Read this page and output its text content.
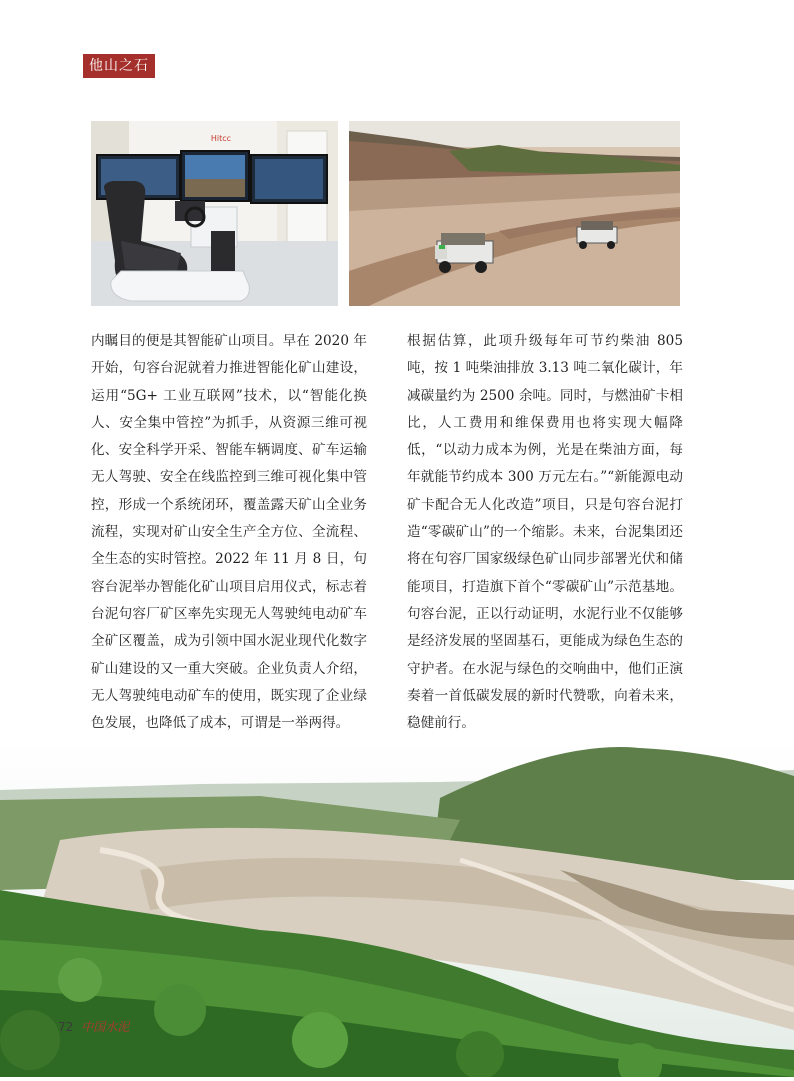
他山之石
Hitcc

内瞩目的便是其智能矿山项目。早在 2020 年开始，句容台泥就着力推进智能化矿山建设，运用“5G+ 工业互联网”技术，以“智能化换人、安全集中管控”为抓手，从资源三维可视化、安全科学开采、智能车辆调度、矿车运输无人驾驶、安全在线监控到三维可视化集中管控，形成一个系统闭环，覆盖露天矿山全业务流程，实现对矿山安全生产全方位、全流程、全生态的实时管控。2022 年 11 月 8 日，句容台泥举办智能化矿山项目启用仪式，标志着台泥句容厂矿区率先实现无人驾驶纯电动矿车全矿区覆盖，成为引领中国水泥业现代化数字矿山建设的又一重大突破。企业负责人介绍，无人驾驶纯电动矿车的使用，既实现了企业绿色发展，也降低了成本，可谓是一举两得。

根据估算，此项升级每年可节约柴油 805 吨，按 1 吨柴油排放 3.13 吨二氧化碳计，年减碳量约为 2500 余吨。同时，与燃油矿卡相比，人工费用和维保费用也将实现大幅降低，“以动力成本为例，光是在柴油方面，每年就能节约成本 300 万元左右。”“新能源电动矿卡配合无人化改造”项目，只是句容台泥打造“零碳矿山”的一个缩影。未来，台泥集团还将在句容厂国家级绿色矿山同步部署光伏和储能项目，打造旗下首个“零碳矿山”示范基地。句容台泥，正以行动证明，水泥行业不仅能够是经济发展的坚固基石，更能成为绿色生态的守护者。在水泥与绿色的交响曲中，他们正演奏着一首低碳发展的新时代赞歌，向着未来，稳健前行。

72 中国水泥
